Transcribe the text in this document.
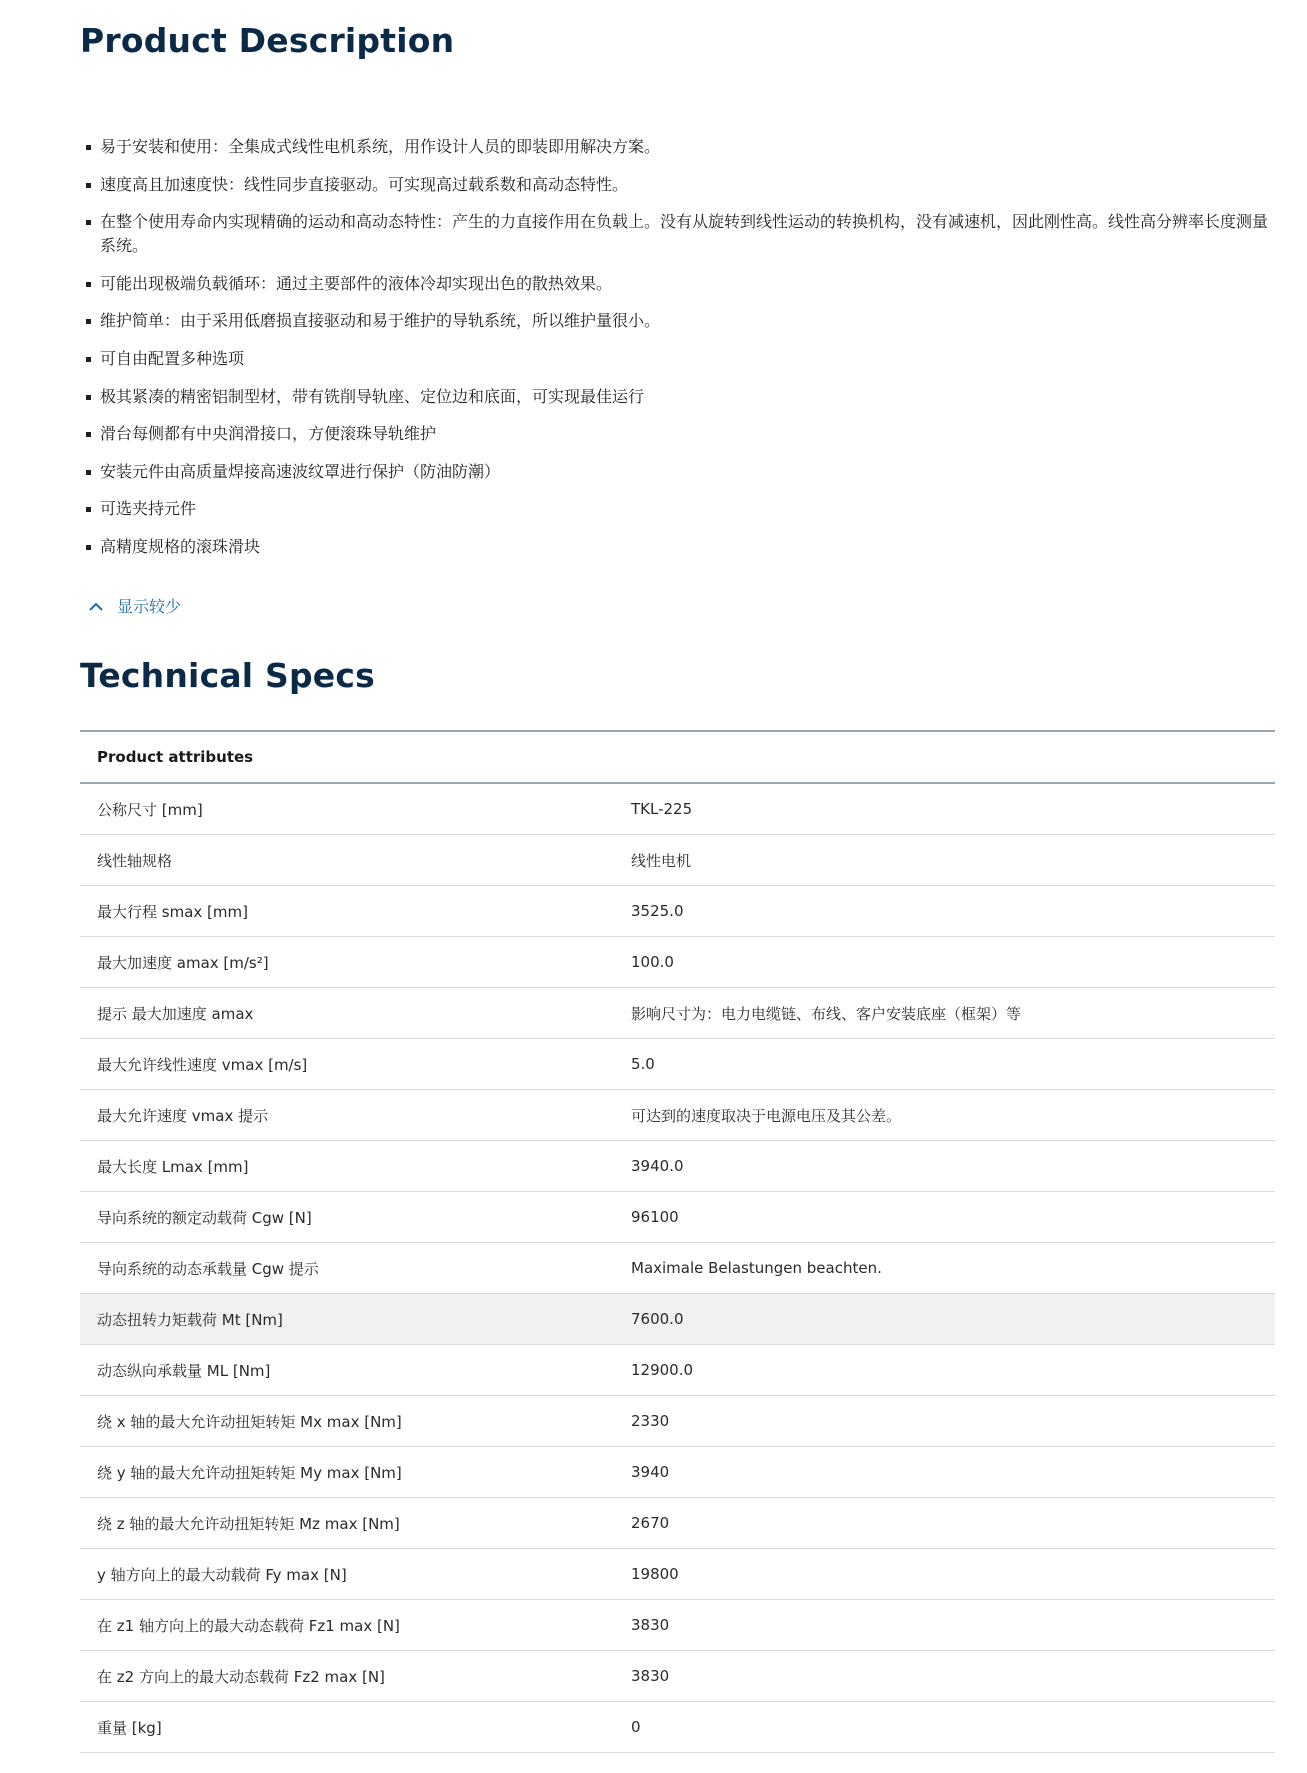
Product Description
易于安装和使用：全集成式线性电机系统，用作设计人员的即装即用解决方案。
速度高且加速度快：线性同步直接驱动。可实现高过载系数和高动态特性。
在整个使用寿命内实现精确的运动和高动态特性：产生的力直接作用在负载上。没有从旋转到线性运动的转换机构，没有减速机，因此刚性高。线性高分辨率长度测量系统。
可能出现极端负载循环：通过主要部件的液体冷却实现出色的散热效果。
维护简单：由于采用低磨损直接驱动和易于维护的导轨系统，所以维护量很小。
可自由配置多种选项
极其紧凑的精密铝制型材，带有铣削导轨座、定位边和底面，可实现最佳运行
滑台每侧都有中央润滑接口，方便滚珠导轨维护
安装元件由高质量焊接高速波纹罩进行保护（防油防潮）
可选夹持元件
高精度规格的滚珠滑块
显示较少
Technical Specs
Product attributes	
公称尺寸 [mm]	TKL-225
线性轴规格	线性电机
最大行程 smax [mm]	3525.0
最大加速度 amax [m/s²]	100.0
提示 最大加速度 amax	影响尺寸为：电力电缆链、布线、客户安装底座（框架）等
最大允许线性速度 vmax [m/s]	5.0
最大允许速度 vmax 提示	可达到的速度取决于电源电压及其公差。
最大长度 Lmax [mm]	3940.0
导向系统的额定动载荷 Cgw [N]	96100
导向系统的动态承载量 Cgw 提示	Maximale Belastungen beachten.
动态扭转力矩载荷 Mt [Nm]	7600.0
动态纵向承载量 ML [Nm]	12900.0
绕 x 轴的最大允许动扭矩转矩 Mx max [Nm]	2330
绕 y 轴的最大允许动扭矩转矩 My max [Nm]	3940
绕 z 轴的最大允许动扭矩转矩 Mz max [Nm]	2670
y 轴方向上的最大动载荷 Fy max [N]	19800
在 z1 轴方向上的最大动态载荷 Fz1 max [N]	3830
在 z2 方向上的最大动态载荷 Fz2 max [N]	3830
重量 [kg]	0
